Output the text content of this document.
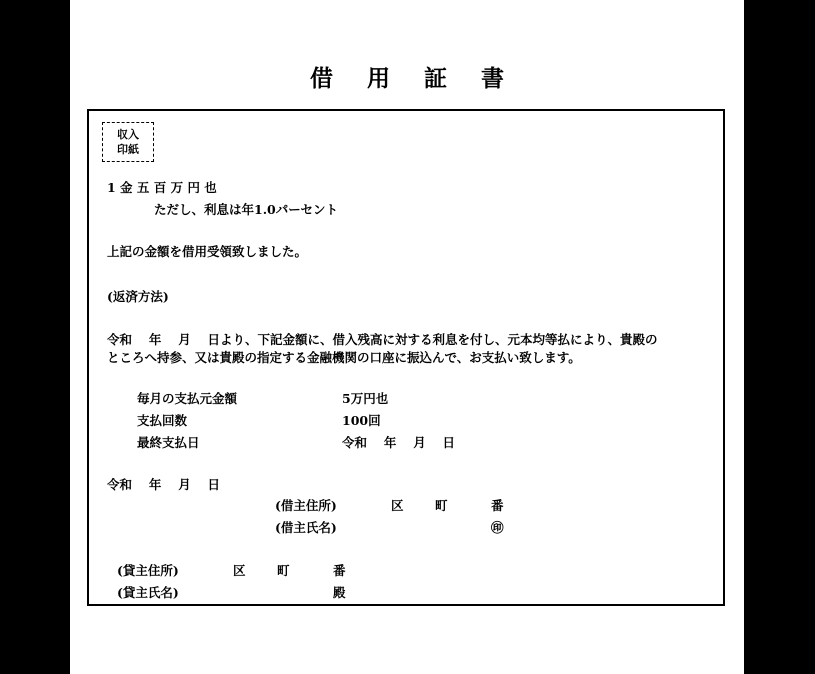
借 用 証 書
収入
印紙
1 金 五 百 万 円 也
ただし、利息は年1.0パーセント
上記の金額を借用受領致しました。
(返済方法)
令和　 年　 月　 日より、下記金額に、借入残高に対する利息を付し、元本均等払により、貴殿の
ところへ持参、又は貴殿の指定する金融機関の口座に振込んで、お支払い致します。
毎月の支払元金額	5万円也
支払回数	100回
最終支払日	令和　 年　 月　 日
令和　 年　 月　 日
(借主住所)	区	町	番
(借主氏名)	㊞
(貸主住所)	区	町	番
(貸主氏名)	殿
